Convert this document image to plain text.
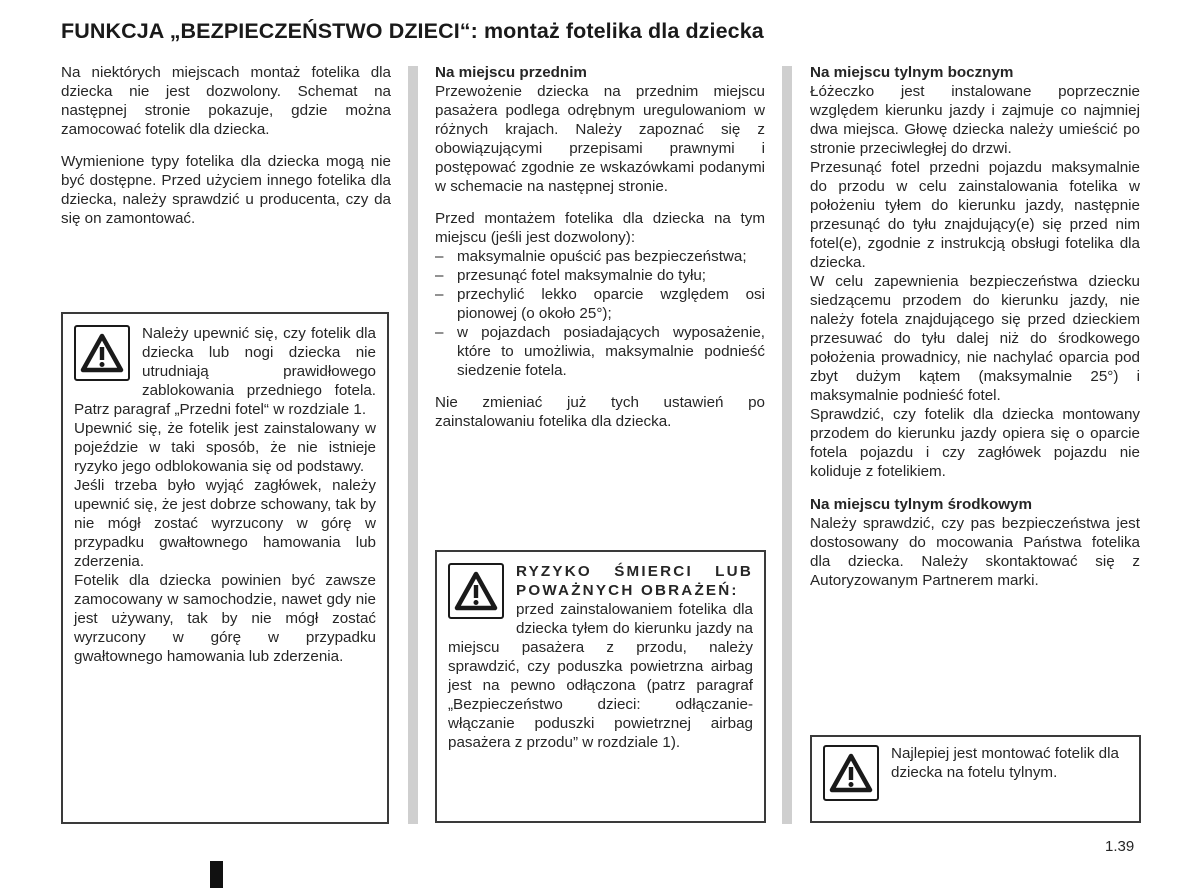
FUNKCJA „BEZPIECZEŃSTWO DZIECI“: montaż fotelika dla dziecka

Na niektórych miejscach montaż fotelika dla dziecka nie jest dozwolony. Schemat na następnej stronie pokazuje, gdzie można zamocować fotelik dla dziecka.

Wymienione typy fotelika dla dziecka mogą nie być dostępne. Przed użyciem innego fotelika dla dziecka, należy sprawdzić u producenta, czy da się on zamontować.

Należy upewnić się, czy fotelik dla dziecka lub nogi dziecka nie utrudniają prawidłowego zablokowania przedniego fotela. Patrz paragraf „Przedni fotel“ w rozdziale 1.

Upewnić się, że fotelik jest zainstalowany w pojeździe w taki sposób, że nie istnieje ryzyko jego odblokowania się od podstawy.

Jeśli trzeba było wyjąć zagłówek, należy upewnić się, że jest dobrze schowany, tak by nie mógł zostać wyrzucony w górę w przypadku gwałtownego hamowania lub zderzenia.

Fotelik dla dziecka powinien być zawsze zamocowany w samochodzie, nawet gdy nie jest używany, tak by nie mógł zostać wyrzucony w górę w przypadku gwałtownego hamowania lub zderzenia.

Na miejscu przednim

Przewożenie dziecka na przednim miejscu pasażera podlega odrębnym uregulowaniom w różnych krajach. Należy zapoznać się z obowiązującymi przepisami prawnymi i postępować zgodnie ze wskazówkami podanymi w schemacie na następnej stronie.

Przed montażem fotelika dla dziecka na tym miejscu (jeśli jest dozwolony):

– maksymalnie opuścić pas bezpieczeństwa;
– przesunąć fotel maksymalnie do tyłu;
– przechylić lekko oparcie względem osi pionowej (o około 25°);
– w pojazdach posiadających wyposażenie, które to umożliwia, maksymalnie podnieść siedzenie fotela.

Nie zmieniać już tych ustawień po zainstalowaniu fotelika dla dziecka.

RYZYKO ŚMIERCI LUB POWAŻNYCH OBRAŻEŃ:

przed zainstalowaniem fotelika dla dziecka tyłem do kierunku jazdy na miejscu pasażera z przodu, należy sprawdzić, czy poduszka powietrzna airbag jest na pewno odłączona (patrz paragraf „Bezpieczeństwo dzieci: odłączanie-włączanie poduszki powietrznej airbag pasażera z przodu” w rozdziale 1).

Na miejscu tylnym bocznym

Łóżeczko jest instalowane poprzecznie względem kierunku jazdy i zajmuje co najmniej dwa miejsca. Głowę dziecka należy umieścić po stronie przeciwległej do drzwi.

Przesunąć fotel przedni pojazdu maksymalnie do przodu w celu zainstalowania fotelika w położeniu tyłem do kierunku jazdy, następnie przesunąć do tyłu znajdujący(e) się przed nim fotel(e), zgodnie z instrukcją obsługi fotelika dla dziecka.

W celu zapewnienia bezpieczeństwa dziecku siedzącemu przodem do kierunku jazdy, nie należy fotela znajdującego się przed dzieckiem przesuwać do tyłu dalej niż do środkowego położenia prowadnicy, nie nachylać oparcia pod zbyt dużym kątem (maksymalnie 25°) i maksymalnie podnieść fotel.

Sprawdzić, czy fotelik dla dziecka montowany przodem do kierunku jazdy opiera się o oparcie fotela pojazdu i czy zagłówek pojazdu nie koliduje z fotelikiem.

Na miejscu tylnym środkowym

Należy sprawdzić, czy pas bezpieczeństwa jest dostosowany do mocowania Państwa fotelika dla dziecka. Należy skontaktować się z Autoryzowanym Partnerem marki.

Najlepiej jest montować fotelik dla dziecka na fotelu tylnym.

1.39
